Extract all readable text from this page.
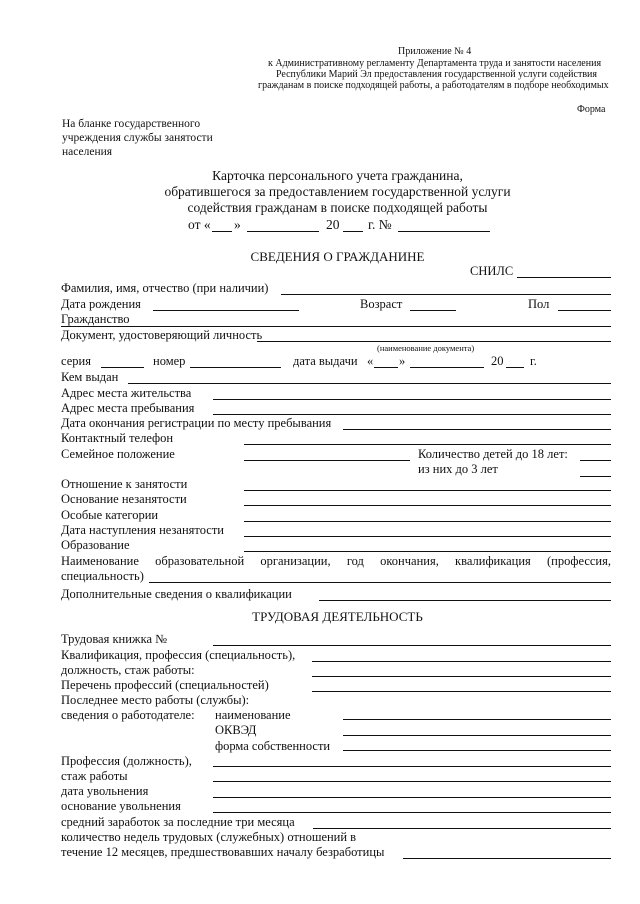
Приложение № 4
к Административному регламенту Департамента труда и занятости населения
Республики Марий Эл предоставления государственной услуги содействия
гражданам в поиске подходящей работы, а работодателям в подборе необходимых
Форма
На бланке государственного
учреждения службы занятости
населения
Карточка персонального учета гражданина,
обратившегося за предоставлением государственной услуги
содействия гражданам в поиске подходящей работы
от « »	20 г. №
СВЕДЕНИЯ О ГРАЖДАНИНЕ
СНИЛС
Фамилия, имя, отчество (при наличии)
Дата рождения	Возраст	Пол
Гражданство
Документ, удостоверяющий личность
(наименование документа)
серия	номер	дата выдачи « »	20 г.
Кем выдан
Адрес места жительства
Адрес места пребывания
Дата окончания регистрации по месту пребывания
Контактный телефон
Семейное положение	Количество детей до 18 лет:
из них до 3 лет
Отношение к занятости
Основание незанятости
Особые категории
Дата наступления незанятости
Образование
Наименование образовательной организации, год окончания, квалификация (профессия,
специальность)
Дополнительные сведения о квалификации
ТРУДОВАЯ ДЕЯТЕЛЬНОСТЬ
Трудовая книжка №
Квалификация, профессия (специальность),
должность, стаж работы:
Перечень профессий (специальностей)
Последнее место работы (службы):
сведения о работодателе: наименование
ОКВЭД
форма собственности
Профессия (должность),
стаж работы
дата увольнения
основание увольнения
средний заработок за последние три месяца
количество недель трудовых (служебных) отношений в
течение 12 месяцев, предшествовавших началу безработицы
